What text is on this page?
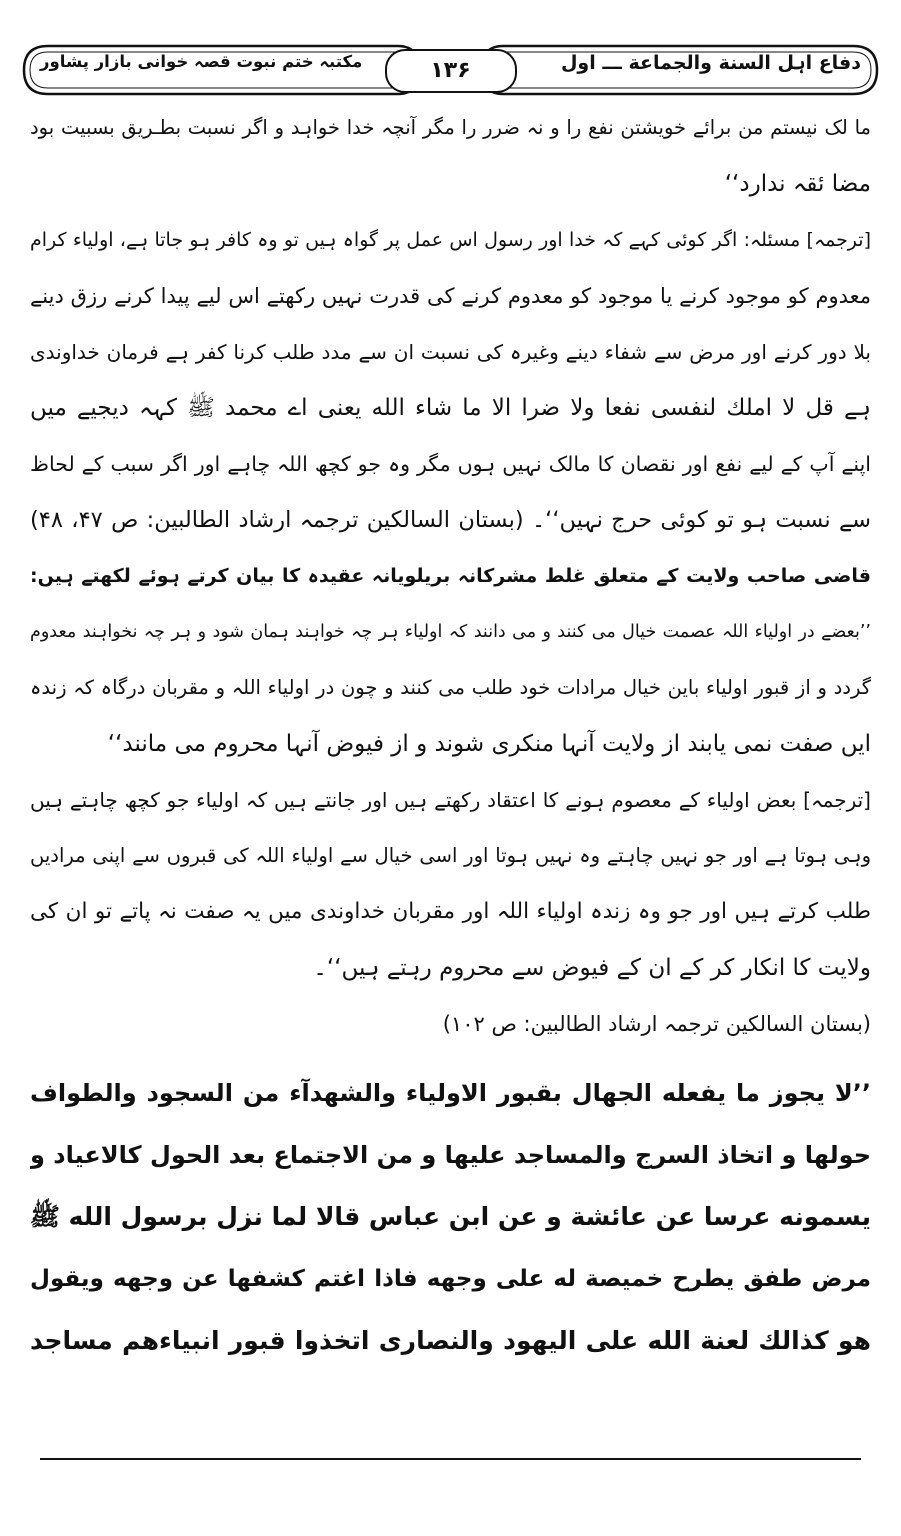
مکتبہ ختم نبوت قصہ خوانی بازار پشاور	۱۳۶	دفاع اہل السنة والجماعة ـــ اول
ما لک نیستم من برائے خویشتن نفع را و نہ ضرر را مگر آنچہ خدا خواہد و اگر نسبت بطـریق بسبیت بود
مضا ئقہ ندارد‘‘
[ترجمہ] مسئلہ: اگر کوئی کہے کہ خدا اور رسول اس عمل پر گواہ ہیں تو وہ کافر ہو جاتا ہے، اولیاء کرام
معدوم کو موجود کرنے یا موجود کو معدوم کرنے کی قدرت نہیں رکھتے اس لیے پیدا کرنے رزق دینے
بلا دور کرنے اور مرض سے شفاء دینے وغیرہ کی نسبت ان سے مدد طلب کرنا کفر ہے فرمان خداوندی
ہے قل لا املك لنفسی نفعا ولا ضرا الا ما شاء الله یعنی اے محمد ﷺ کہہ دیجیے میں
اپنے آپ کے لیے نفع اور نقصان کا مالک نہیں ہوں مگر وہ جو کچھ اللہ چاہے اور اگر سبب کے لحاظ
سے نسبت ہو تو کوئی حرج نہیں‘‘۔ (بستان السالکین ترجمہ ارشاد الطالبین: ص ۴۷، ۴۸)
قاضی صاحب ولایت کے متعلق غلط مشرکانہ بریلویانہ عقیدہ کا بیان کرتے ہوئے لکھتے ہیں:
’’بعضے در اولیاء اللہ عصمت خیال می کنند و می دانند کہ اولیاء ہر چہ خواہند ہمان شود و ہر چہ نخواہند معدوم
گردد و از قبور اولیاء باین خیال مرادات خود طلب می کنند و چون در اولیاء اللہ و مقربان درگاہ کہ زندہ
ایں صفت نمی یابند از ولایت آنہا منکری شوند و از فیوض آنہا محروم می مانند‘‘
[ترجمہ] بعض اولیاء کے معصوم ہونے کا اعتقاد رکھتے ہیں اور جانتے ہیں کہ اولیاء جو کچھ چاہتے ہیں
وہی ہوتا ہے اور جو نہیں چاہتے وہ نہیں ہوتا اور اسی خیال سے اولیاء اللہ کی قبروں سے اپنی مرادیں
طلب کرتے ہیں اور جو وہ زندہ اولیاء اللہ اور مقربان خداوندی میں یہ صفت نہ پاتے تو ان کی
ولایت کا انکار کر کے ان کے فیوض سے محروم رہتے ہیں‘‘۔
(بستان السالکین ترجمہ ارشاد الطالبین: ص ۱۰۲)
’’لا یجوز ما یفعله الجهال بقبور الاولیاء والشهدآء من السجود والطواف
حولها و اتخاذ السرج والمساجد علیها و من الاجتماع بعد الحول کالاعیاد و
یسمونه عرسا عن عائشة و عن ابن عباس قالا لما نزل برسول الله ﷺ
مرض طفق یطرح خمیصة له علی وجهه فاذا اغتم کشفها عن وجهه ویقول
هو کذالك لعنة الله علی الیهود والنصاری اتخذوا قبور انبیاءهم مساجد
